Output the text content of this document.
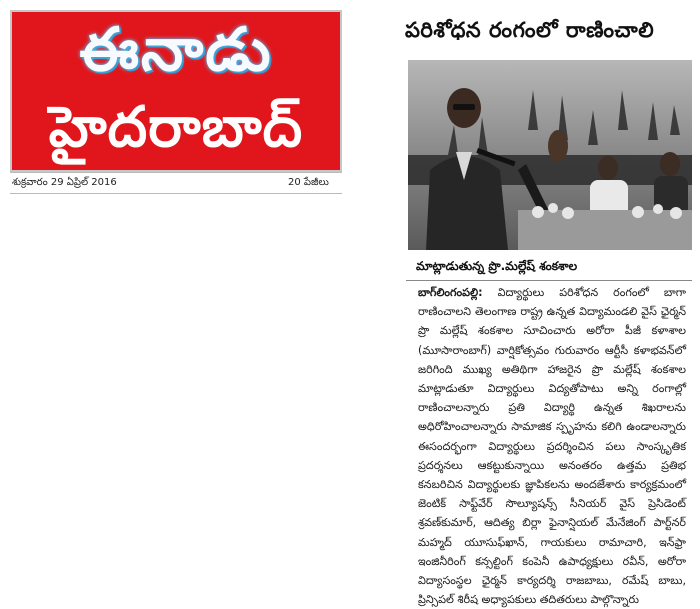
ఈనాడు
హైదరాబాద్
శుక్రవారం 29 ఏప్రిల్ 2016	20 పేజీలు
పరిశోధన రంగంలో రాణించాలి
మాట్లాడుతున్న ప్రొ.మల్లేష్ శంకశాల
బాగ్‌లింగంపల్లి: విద్యార్థులు పరిశోధన రంగంలో బాగా రాణించాలని తెలంగాణ రాష్ట్ర ఉన్నత విద్యామండలి వైస్ ఛైర్మన్ ప్రొ మల్లేష్ శంకశాల సూచించారు అరోరా పీజీ కళాశాల (మూసారాంబాగ్) వార్షికోత్సవం గురువారం ఆర్టీసీ కళాభవన్‌లో జరిగింది ముఖ్య అతిథిగా హాజరైన ప్రొ మల్లేష్ శంకశాల మాట్లాడుతూ విద్యార్థులు విద్యతోపాటు అన్ని రంగాల్లో రాణించాలన్నారు ప్రతి విద్యార్థి ఉన్నత శిఖరాలను అధిరోహించాలన్నారు సామాజిక స్పృహను కలిగి ఉండాలన్నారు ఈసందర్భంగా విద్యార్థులు ప్రదర్శించిన పలు సాంస్కృతిక ప్రదర్శనలు ఆకట్టుకున్నాయి అనంతరం ఉత్తమ ప్రతిభ కనబరిచిన విద్యార్థులకు జ్ఞాపికలను అందజేశారు కార్యక్రమంలో జెంటిక్ సాఫ్ట్‌వేర్ సొల్యూషన్స్ సీనియర్ వైస్ ప్రెసిడెంట్ శ్రవణ్‌కుమార్, ఆదిత్య బిర్లా ఫైనాన్షియల్ మేనేజింగ్ పార్ట్‌నర్ మహ్మద్ యూసుఫ్‌ఖాన్, గాయకులు రామాచారి, ఇన్‌ఫ్రా ఇంజినీరింగ్ కన్సల్టింగ్ కంపెనీ ఉపాధ్యక్షులు రవీన్, అరోరా విద్యాసంస్థల ఛైర్మన్ కార్యదర్శి రాజబాబు, రమేష్ బాబు, ప్రిన్సిపల్ శిరీష అధ్యాపకులు తదితరులు పాల్గొన్నారు
